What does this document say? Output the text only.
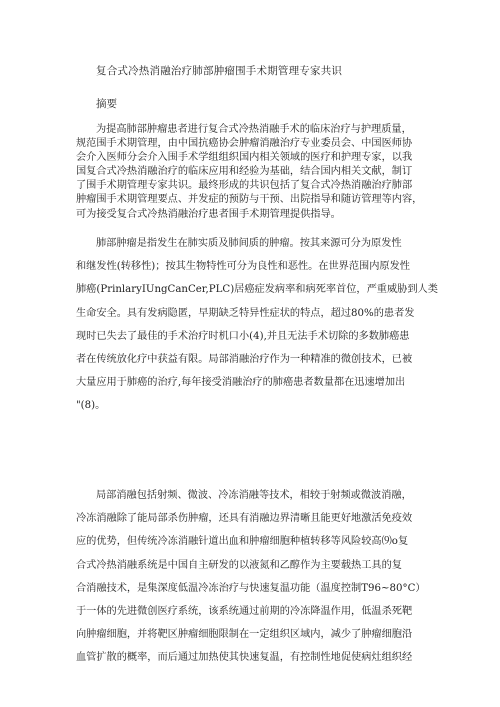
复合式冷热消融治疗肺部肿瘤围手术期管理专家共识
摘要
为提高肺部肿瘤患者进行复合式冷热消融手术的临床治疗与护理质量，
规范围手术期管理，由中国抗癌协会肿瘤消融治疗专业委员会、中国医师协
会介入医师分会介入围手术学组组织国内相关领域的医疗和护理专家，以我
国复合式冷热消融治疗的临床应用和经验为基础，结合国内相关文献，制订
了围手术期管理专家共识。最终形成的共识包括了复合式冷热消融治疗肺部
肿瘤围手术期管理要点、并发症的预防与干预、出院指导和随访管理等内容，
可为接受复合式冷热消融治疗患者围手术期管理提供指导。
肺部肿瘤是指发生在肺实质及肺间质的肿瘤。按其来源可分为原发性
和继发性(转移性)；按其生物特性可分为良性和恶性。在世界范围内原发性
肺癌(PrinlaryIUngCanCer,PLC)居癌症发病率和病死率首位，严重威胁到人类
生命安全。具有发病隐匿，早期缺乏特异性症状的特点，超过80%的患者发
现时已失去了最佳的手术治疗时机口小(4),并且无法手术切除的多数肺癌患
者在传统放化疗中获益有限。局部消融治疗作为一种精准的微创技术，已被
大量应用于肺癌的治疗,每年接受消融治疗的肺癌患者数量都在迅速增加出
"(8)。
局部消融包括射频、微波、冷冻消融等技术，相较于射频或微波消融，
冷冻消融除了能局部杀伤肿瘤，还具有消融边界清晰且能更好地激活免疫效
应的优势，但传统冷冻消融针道出血和肿瘤细胞种植转移等风险较高⑼o复
合式冷热消融系统是中国自主研发的以液氮和乙醇作为主要载热工具的复
合消融技术，是集深度低温冷冻治疗与快速复温功能（温度控制T96~80°C）
于一体的先进微创医疗系统，该系统通过前期的冷冻降温作用，低温杀死靶
向肿瘤细胞，并将靶区肿瘤细胞限制在一定组织区域内，减少了肿瘤细胞沿
血管扩散的概率，而后通过加热使其快速复温，有控制性地促使病灶组织经
